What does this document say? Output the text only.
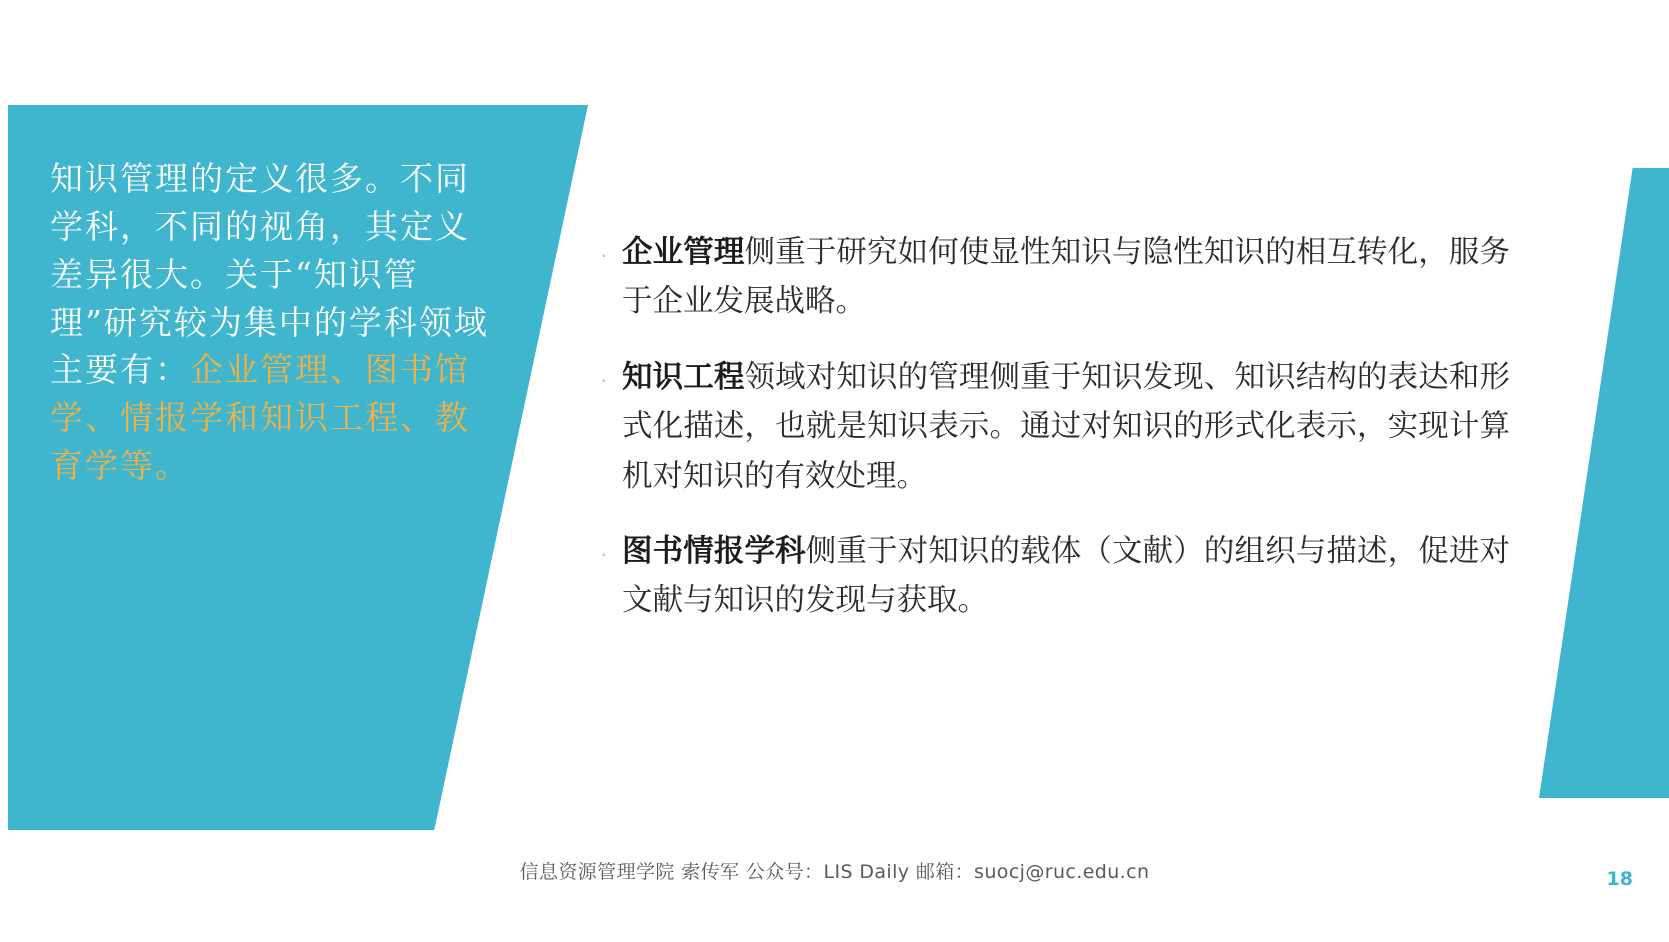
知识管理的定义很多。不同学科，不同的视角，其定义差异很大。关于“知识管理”研究较为集中的学科领域主要有：企业管理、图书馆学、情报学和知识工程、教育学等。
· 企业管理侧重于研究如何使显性知识与隐性知识的相互转化，服务于企业发展战略。
· 知识工程领域对知识的管理侧重于知识发现、知识结构的表达和形式化描述，也就是知识表示。通过对知识的形式化表示，实现计算机对知识的有效处理。
· 图书情报学科侧重于对知识的载体（文献）的组织与描述，促进对文献与知识的发现与获取。
信息资源管理学院 索传军 公众号：LIS Daily 邮箱：suocj@ruc.edu.cn	18
